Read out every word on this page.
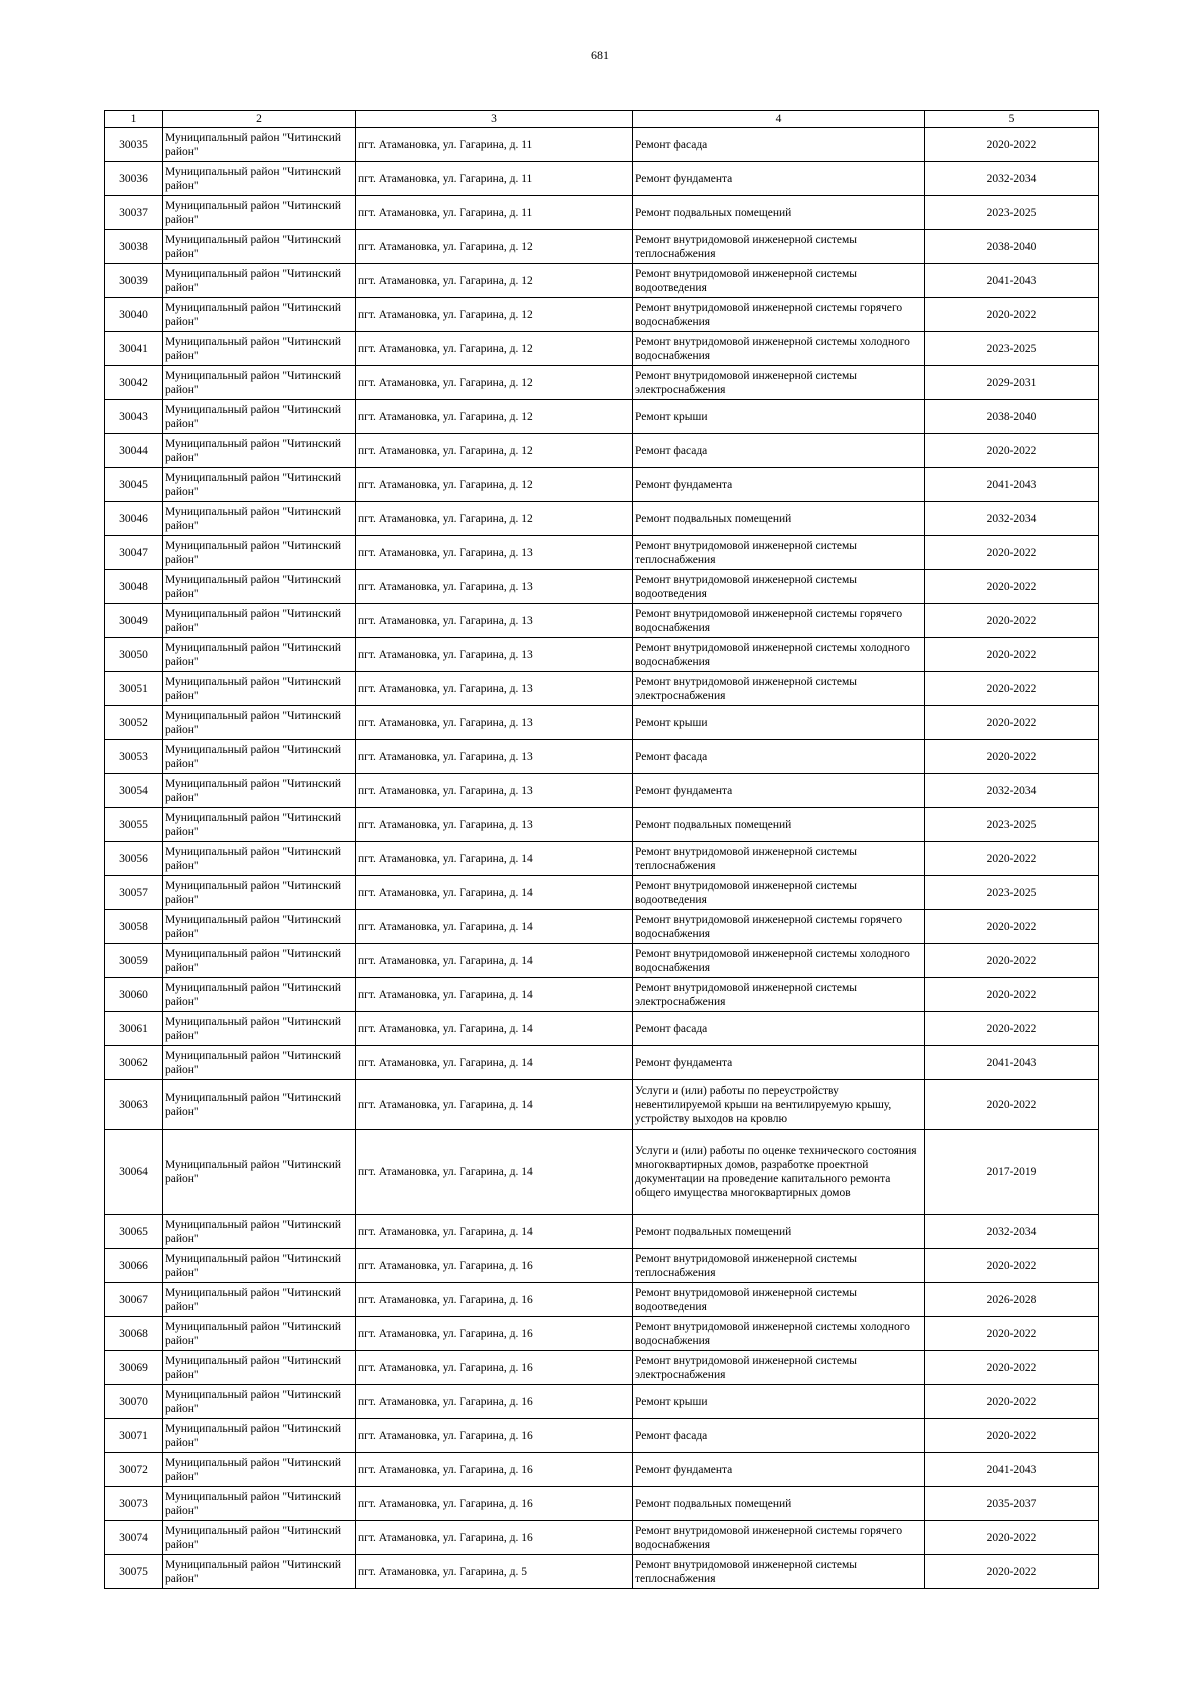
681
1	2	3	4	5
30035	Муниципальный район "Читинский район"	пгт. Атамановка, ул. Гагарина, д. 11	Ремонт фасада	2020-2022
30036	Муниципальный район "Читинский район"	пгт. Атамановка, ул. Гагарина, д. 11	Ремонт фундамента	2032-2034
30037	Муниципальный район "Читинский район"	пгт. Атамановка, ул. Гагарина, д. 11	Ремонт подвальных помещений	2023-2025
30038	Муниципальный район "Читинский район"	пгт. Атамановка, ул. Гагарина, д. 12	Ремонт внутридомовой инженерной системы теплоснабжения	2038-2040
30039	Муниципальный район "Читинский район"	пгт. Атамановка, ул. Гагарина, д. 12	Ремонт внутридомовой инженерной системы водоотведения	2041-2043
30040	Муниципальный район "Читинский район"	пгт. Атамановка, ул. Гагарина, д. 12	Ремонт внутридомовой инженерной системы горячего водоснабжения	2020-2022
30041	Муниципальный район "Читинский район"	пгт. Атамановка, ул. Гагарина, д. 12	Ремонт внутридомовой инженерной системы холодного водоснабжения	2023-2025
30042	Муниципальный район "Читинский район"	пгт. Атамановка, ул. Гагарина, д. 12	Ремонт внутридомовой инженерной системы электроснабжения	2029-2031
30043	Муниципальный район "Читинский район"	пгт. Атамановка, ул. Гагарина, д. 12	Ремонт крыши	2038-2040
30044	Муниципальный район "Читинский район"	пгт. Атамановка, ул. Гагарина, д. 12	Ремонт фасада	2020-2022
30045	Муниципальный район "Читинский район"	пгт. Атамановка, ул. Гагарина, д. 12	Ремонт фундамента	2041-2043
30046	Муниципальный район "Читинский район"	пгт. Атамановка, ул. Гагарина, д. 12	Ремонт подвальных помещений	2032-2034
30047	Муниципальный район "Читинский район"	пгт. Атамановка, ул. Гагарина, д. 13	Ремонт внутридомовой инженерной системы теплоснабжения	2020-2022
30048	Муниципальный район "Читинский район"	пгт. Атамановка, ул. Гагарина, д. 13	Ремонт внутридомовой инженерной системы водоотведения	2020-2022
30049	Муниципальный район "Читинский район"	пгт. Атамановка, ул. Гагарина, д. 13	Ремонт внутридомовой инженерной системы горячего водоснабжения	2020-2022
30050	Муниципальный район "Читинский район"	пгт. Атамановка, ул. Гагарина, д. 13	Ремонт внутридомовой инженерной системы холодного водоснабжения	2020-2022
30051	Муниципальный район "Читинский район"	пгт. Атамановка, ул. Гагарина, д. 13	Ремонт внутридомовой инженерной системы электроснабжения	2020-2022
30052	Муниципальный район "Читинский район"	пгт. Атамановка, ул. Гагарина, д. 13	Ремонт крыши	2020-2022
30053	Муниципальный район "Читинский район"	пгт. Атамановка, ул. Гагарина, д. 13	Ремонт фасада	2020-2022
30054	Муниципальный район "Читинский район"	пгт. Атамановка, ул. Гагарина, д. 13	Ремонт фундамента	2032-2034
30055	Муниципальный район "Читинский район"	пгт. Атамановка, ул. Гагарина, д. 13	Ремонт подвальных помещений	2023-2025
30056	Муниципальный район "Читинский район"	пгт. Атамановка, ул. Гагарина, д. 14	Ремонт внутридомовой инженерной системы теплоснабжения	2020-2022
30057	Муниципальный район "Читинский район"	пгт. Атамановка, ул. Гагарина, д. 14	Ремонт внутридомовой инженерной системы водоотведения	2023-2025
30058	Муниципальный район "Читинский район"	пгт. Атамановка, ул. Гагарина, д. 14	Ремонт внутридомовой инженерной системы горячего водоснабжения	2020-2022
30059	Муниципальный район "Читинский район"	пгт. Атамановка, ул. Гагарина, д. 14	Ремонт внутридомовой инженерной системы холодного водоснабжения	2020-2022
30060	Муниципальный район "Читинский район"	пгт. Атамановка, ул. Гагарина, д. 14	Ремонт внутридомовой инженерной системы электроснабжения	2020-2022
30061	Муниципальный район "Читинский район"	пгт. Атамановка, ул. Гагарина, д. 14	Ремонт фасада	2020-2022
30062	Муниципальный район "Читинский район"	пгт. Атамановка, ул. Гагарина, д. 14	Ремонт фундамента	2041-2043
30063	Муниципальный район "Читинский район"	пгт. Атамановка, ул. Гагарина, д. 14	Услуги и (или) работы по переустройству невентилируемой крыши на вентилируемую крышу, устройству выходов на кровлю	2020-2022
30064	Муниципальный район "Читинский район"	пгт. Атамановка, ул. Гагарина, д. 14	Услуги и (или) работы по оценке технического состояния многоквартирных домов, разработке проектной документации на проведение капитального ремонта общего имущества многоквартирных домов	2017-2019
30065	Муниципальный район "Читинский район"	пгт. Атамановка, ул. Гагарина, д. 14	Ремонт подвальных помещений	2032-2034
30066	Муниципальный район "Читинский район"	пгт. Атамановка, ул. Гагарина, д. 16	Ремонт внутридомовой инженерной системы теплоснабжения	2020-2022
30067	Муниципальный район "Читинский район"	пгт. Атамановка, ул. Гагарина, д. 16	Ремонт внутридомовой инженерной системы водоотведения	2026-2028
30068	Муниципальный район "Читинский район"	пгт. Атамановка, ул. Гагарина, д. 16	Ремонт внутридомовой инженерной системы холодного водоснабжения	2020-2022
30069	Муниципальный район "Читинский район"	пгт. Атамановка, ул. Гагарина, д. 16	Ремонт внутридомовой инженерной системы электроснабжения	2020-2022
30070	Муниципальный район "Читинский район"	пгт. Атамановка, ул. Гагарина, д. 16	Ремонт крыши	2020-2022
30071	Муниципальный район "Читинский район"	пгт. Атамановка, ул. Гагарина, д. 16	Ремонт фасада	2020-2022
30072	Муниципальный район "Читинский район"	пгт. Атамановка, ул. Гагарина, д. 16	Ремонт фундамента	2041-2043
30073	Муниципальный район "Читинский район"	пгт. Атамановка, ул. Гагарина, д. 16	Ремонт подвальных помещений	2035-2037
30074	Муниципальный район "Читинский район"	пгт. Атамановка, ул. Гагарина, д. 16	Ремонт внутридомовой инженерной системы горячего водоснабжения	2020-2022
30075	Муниципальный район "Читинский район"	пгт. Атамановка, ул. Гагарина, д. 5	Ремонт внутридомовой инженерной системы теплоснабжения	2020-2022
